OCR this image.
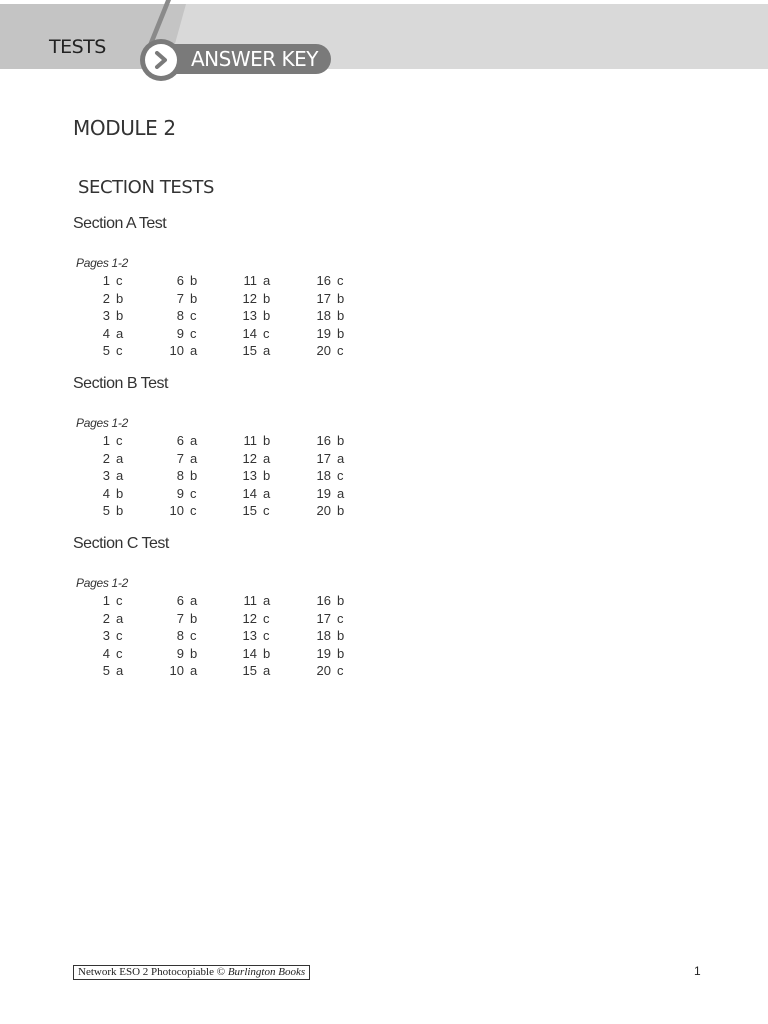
TESTS	ANSWER KEY
MODULE 2
SECTION TESTS
Section A Test
Pages 1-2
1 c
2 b
3 b
4 a
5 c
6 b
7 b
8 c
9 c
10 a
11 a
12 b
13 b
14 c
15 a
16 c
17 b
18 b
19 b
20 c
Section B Test
Pages 1-2
1 c
2 a
3 a
4 b
5 b
6 a
7 a
8 b
9 c
10 c
11 b
12 a
13 b
14 a
15 c
16 b
17 a
18 c
19 a
20 b
Section C Test
Pages 1-2
1 c
2 a
3 c
4 c
5 a
6 a
7 b
8 c
9 b
10 a
11 a
12 c
13 c
14 b
15 a
16 b
17 c
18 b
19 b
20 c
Network ESO 2 Photocopiable © Burlington Books	1
